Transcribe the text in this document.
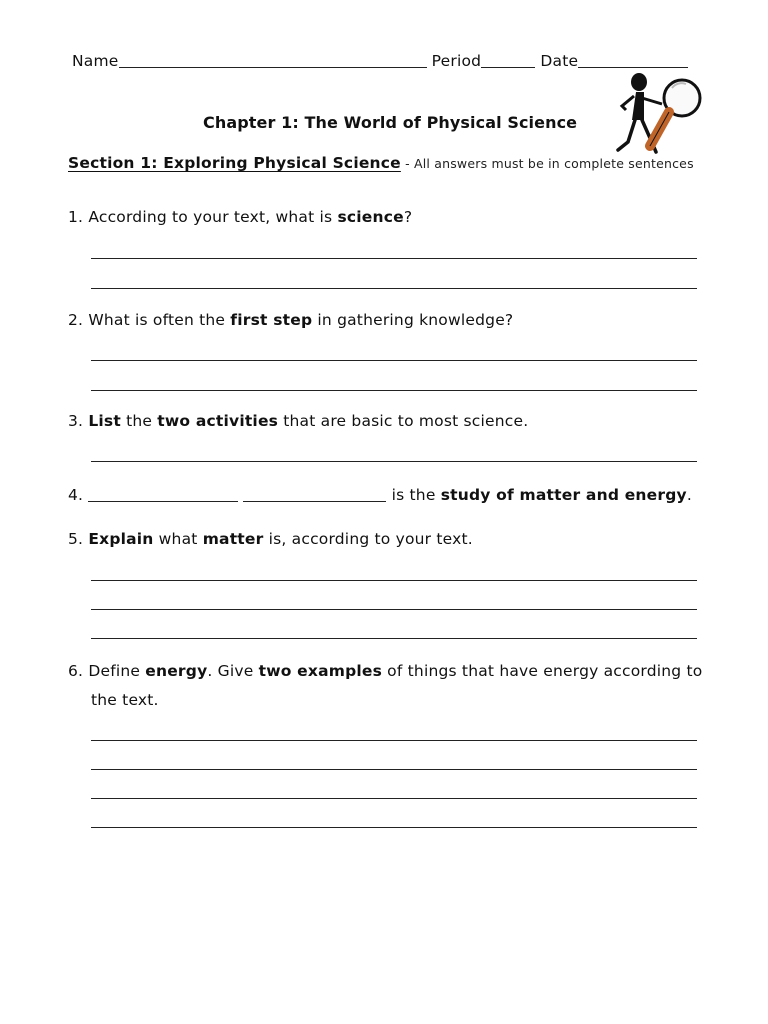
Name	Period	Date
Chapter 1: The World of Physical Science
Section 1: Exploring Physical Science - All answers must be in complete sentences
1. According to your text, what is science?
2. What is often the first step in gathering knowledge?
3. List the two activities that are basic to most science.
4.	is the study of matter and energy.
5. Explain what matter is, according to your text.
6. Define energy. Give two examples of things that have energy according to
the text.
